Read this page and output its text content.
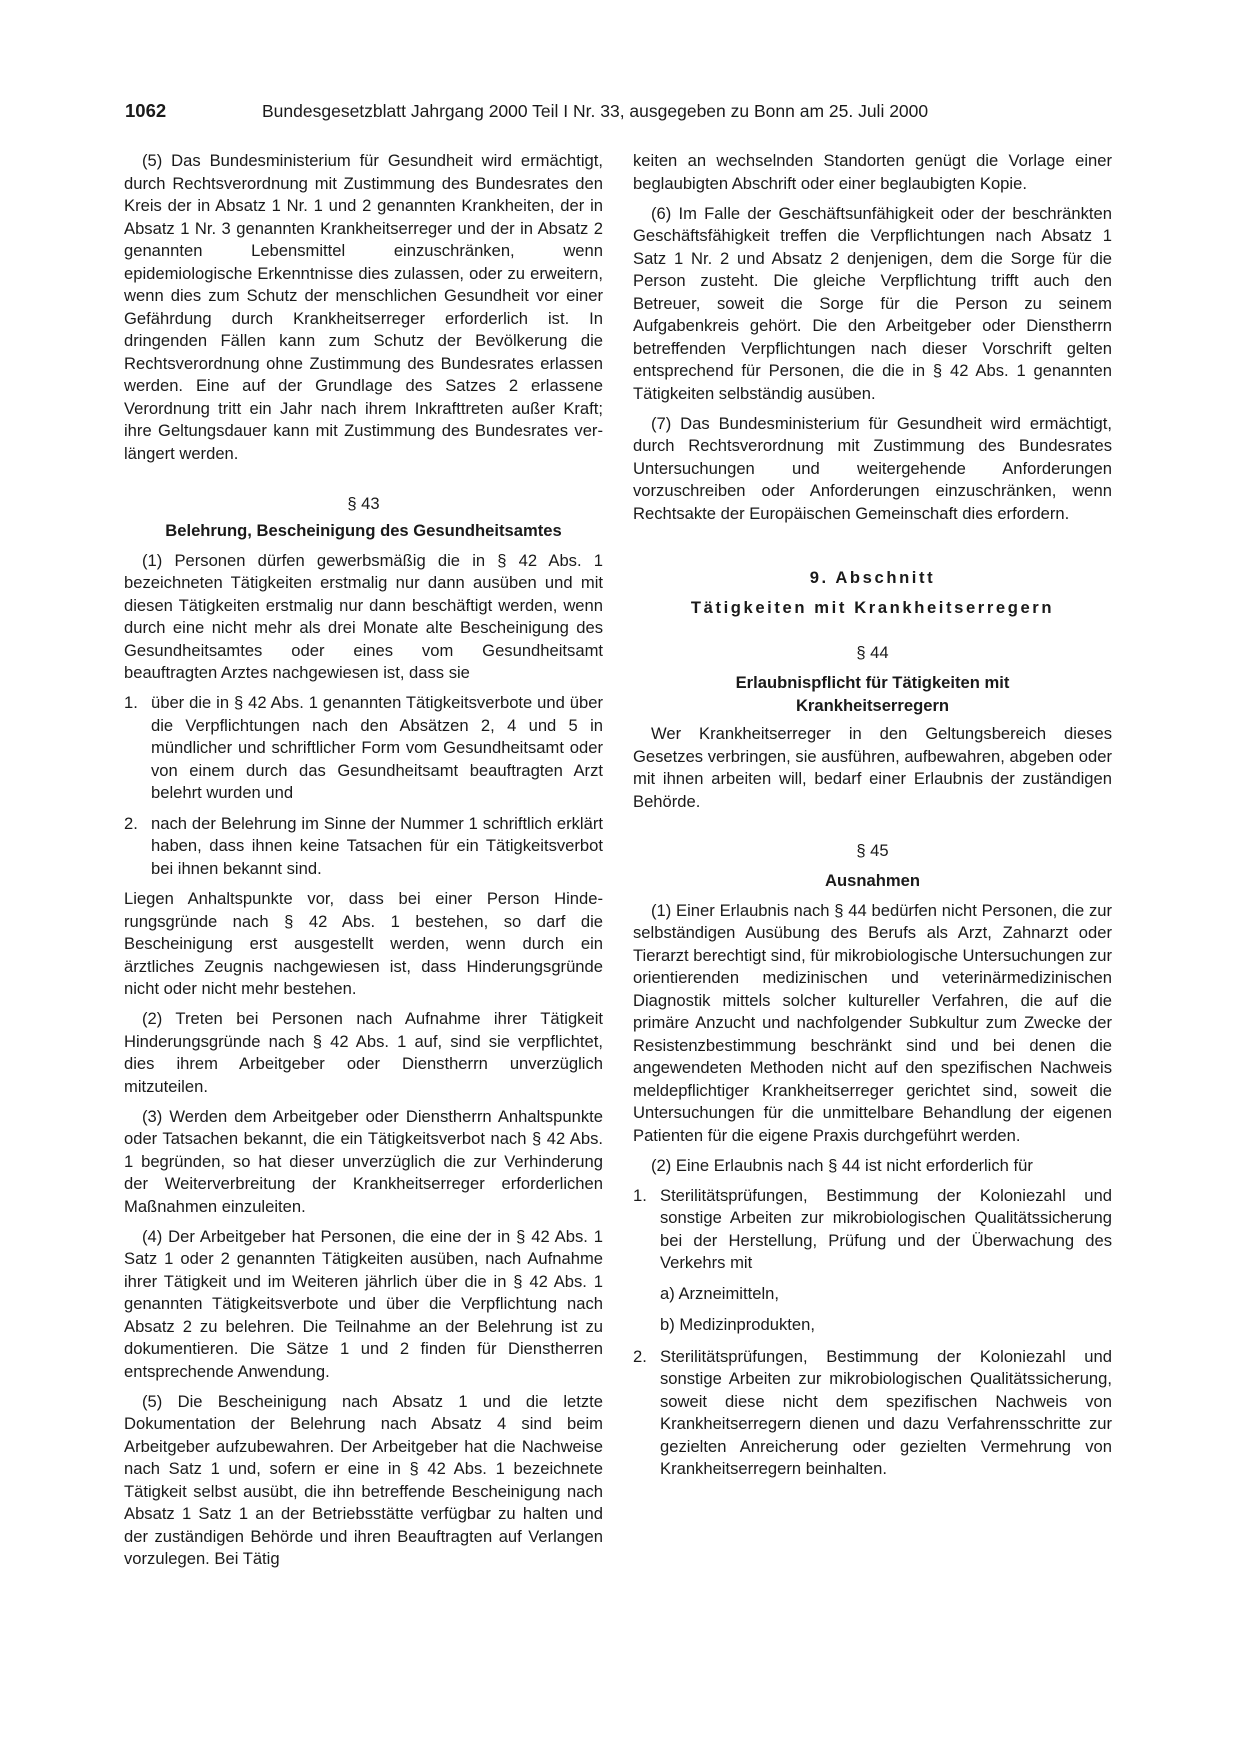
1062	Bundesgesetzblatt Jahrgang 2000 Teil I Nr. 33, ausgegeben zu Bonn am 25. Juli 2000

(5) Das Bundesministerium für Gesundheit wird ermächtigt, durch Rechtsverordnung mit Zustimmung des Bundesrates den Kreis der in Absatz 1 Nr. 1 und 2 genannten Krankheiten, der in Absatz 1 Nr. 3 genannten Krankheitserreger und der in Absatz 2 genannten Lebensmittel einzuschränken, wenn epidemiologische Erkenntnisse dies zulassen, oder zu erweitern, wenn dies zum Schutz der menschlichen Gesundheit vor einer Gefährdung durch Krankheitserreger erforderlich ist. In dringenden Fällen kann zum Schutz der Bevölkerung die Rechtsverordnung ohne Zustimmung des Bundesrates erlassen werden. Eine auf der Grundlage des Satzes 2 erlassene Verordnung tritt ein Jahr nach ihrem Inkrafttreten außer Kraft; ihre Geltungsdauer kann mit Zustimmung des Bundesrates verlängert werden.

§ 43
Belehrung, Bescheinigung des Gesundheitsamtes

(1) Personen dürfen gewerbsmäßig die in § 42 Abs. 1 bezeichneten Tätigkeiten erstmalig nur dann ausüben und mit diesen Tätigkeiten erstmalig nur dann beschäftigt werden, wenn durch eine nicht mehr als drei Monate alte Bescheinigung des Gesundheitsamtes oder eines vom Gesundheitsamt beauftragten Arztes nachgewiesen ist, dass sie

1. über die in § 42 Abs. 1 genannten Tätigkeitsverbote und über die Verpflichtungen nach den Absätzen 2, 4 und 5 in mündlicher und schriftlicher Form vom Gesundheitsamt oder von einem durch das Gesundheitsamt beauftragten Arzt belehrt wurden und
2. nach der Belehrung im Sinne der Nummer 1 schriftlich erklärt haben, dass ihnen keine Tatsachen für ein Tätigkeitsverbot bei ihnen bekannt sind.

Liegen Anhaltspunkte vor, dass bei einer Person Hinderungsgründe nach § 42 Abs. 1 bestehen, so darf die Bescheinigung erst ausgestellt werden, wenn durch ein ärztliches Zeugnis nachgewiesen ist, dass Hinderungsgründe nicht oder nicht mehr bestehen.

(2) Treten bei Personen nach Aufnahme ihrer Tätigkeit Hinderungsgründe nach § 42 Abs. 1 auf, sind sie verpflichtet, dies ihrem Arbeitgeber oder Dienstherrn unverzüglich mitzuteilen.

(3) Werden dem Arbeitgeber oder Dienstherrn Anhaltspunkte oder Tatsachen bekannt, die ein Tätigkeitsverbot nach § 42 Abs. 1 begründen, so hat dieser unverzüglich die zur Verhinderung der Weiterverbreitung der Krankheitserreger erforderlichen Maßnahmen einzuleiten.

(4) Der Arbeitgeber hat Personen, die eine der in § 42 Abs. 1 Satz 1 oder 2 genannten Tätigkeiten ausüben, nach Aufnahme ihrer Tätigkeit und im Weiteren jährlich über die in § 42 Abs. 1 genannten Tätigkeitsverbote und über die Verpflichtung nach Absatz 2 zu belehren. Die Teilnahme an der Belehrung ist zu dokumentieren. Die Sätze 1 und 2 finden für Dienstherren entsprechende Anwendung.

(5) Die Bescheinigung nach Absatz 1 und die letzte Dokumentation der Belehrung nach Absatz 4 sind beim Arbeitgeber aufzubewahren. Der Arbeitgeber hat die Nachweise nach Satz 1 und, sofern er eine in § 42 Abs. 1 bezeichnete Tätigkeit selbst ausübt, die ihn betreffende Bescheinigung nach Absatz 1 Satz 1 an der Betriebsstätte verfügbar zu halten und der zuständigen Behörde und ihren Beauftragten auf Verlangen vorzulegen. Bei Tätig

keiten an wechselnden Standorten genügt die Vorlage einer beglaubigten Abschrift oder einer beglaubigten Kopie.

(6) Im Falle der Geschäftsunfähigkeit oder der beschränkten Geschäftsfähigkeit treffen die Verpflichtungen nach Absatz 1 Satz 1 Nr. 2 und Absatz 2 denjenigen, dem die Sorge für die Person zusteht. Die gleiche Verpflichtung trifft auch den Betreuer, soweit die Sorge für die Person zu seinem Aufgabenkreis gehört. Die den Arbeitgeber oder Dienstherrn betreffenden Verpflichtungen nach dieser Vorschrift gelten entsprechend für Personen, die die in § 42 Abs. 1 genannten Tätigkeiten selbständig ausüben.

(7) Das Bundesministerium für Gesundheit wird ermächtigt, durch Rechtsverordnung mit Zustimmung des Bundesrates Untersuchungen und weitergehende Anforderungen vorzuschreiben oder Anforderungen einzuschränken, wenn Rechtsakte der Europäischen Gemeinschaft dies erfordern.

9. Abschnitt
Tätigkeiten mit Krankheitserregern
§ 44
Erlaubnispflicht für Tätigkeiten mit
Krankheitserregern

Wer Krankheitserreger in den Geltungsbereich dieses Gesetzes verbringen, sie ausführen, aufbewahren, abgeben oder mit ihnen arbeiten will, bedarf einer Erlaubnis der zuständigen Behörde.

§ 45
Ausnahmen

(1) Einer Erlaubnis nach § 44 bedürfen nicht Personen, die zur selbständigen Ausübung des Berufs als Arzt, Zahnarzt oder Tierarzt berechtigt sind, für mikrobiologische Untersuchungen zur orientierenden medizinischen und veterinärmedizinischen Diagnostik mittels solcher kultureller Verfahren, die auf die primäre Anzucht und nachfolgender Subkultur zum Zwecke der Resistenzbestimmung beschränkt sind und bei denen die angewendeten Methoden nicht auf den spezifischen Nachweis meldepflichtiger Krankheitserreger gerichtet sind, soweit die Untersuchungen für die unmittelbare Behandlung der eigenen Patienten für die eigene Praxis durchgeführt werden.

(2) Eine Erlaubnis nach § 44 ist nicht erforderlich für

1. Sterilitätsprüfungen, Bestimmung der Koloniezahl und sonstige Arbeiten zur mikrobiologischen Qualitätssicherung bei der Herstellung, Prüfung und der Überwachung des Verkehrs mit
a) Arzneimitteln,
b) Medizinprodukten,
2. Sterilitätsprüfungen, Bestimmung der Koloniezahl und sonstige Arbeiten zur mikrobiologischen Qualitätssicherung, soweit diese nicht dem spezifischen Nachweis von Krankheitserregern dienen und dazu Verfahrensschritte zur gezielten Anreicherung oder gezielten Vermehrung von Krankheitserregern beinhalten.
